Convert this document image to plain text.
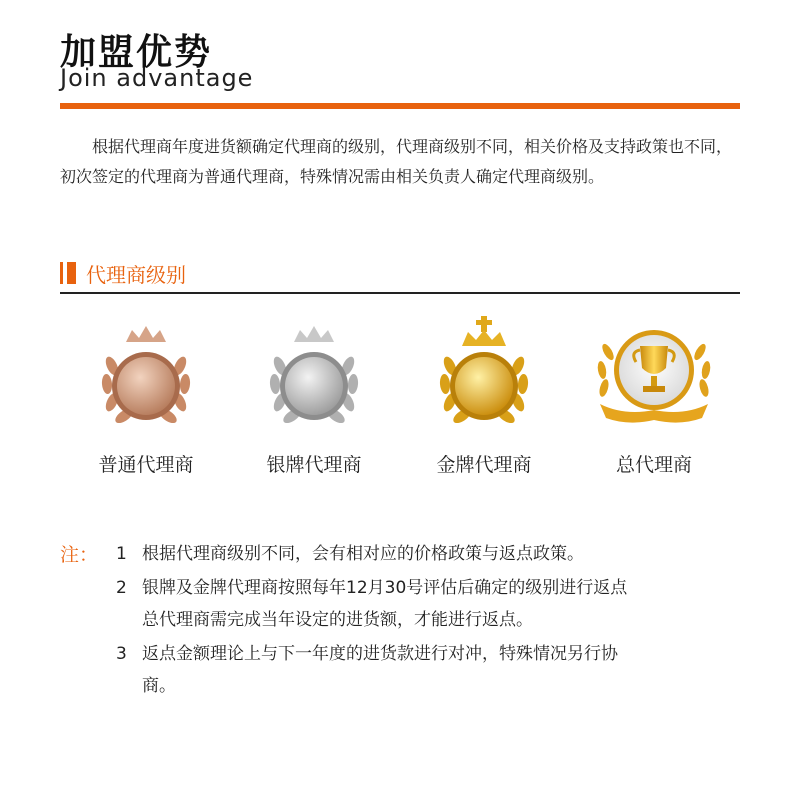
加盟优势
Join advantage

根据代理商年度进货额确定代理商的级别，代理商级别不同，相关价格及支持政策也不同，初次签定的代理商为普通代理商，特殊情况需由相关负责人确定代理商级别。

代理商级别
普通代理商	银牌代理商	金牌代理商	总代理商
注： 1 根据代理商级别不同，会有相对应的价格政策与返点政策。
2 银牌及金牌代理商按照每年12月30号评估后确定的级别进行返点
总代理商需完成当年设定的进货额，才能进行返点。
3 返点金额理论上与下一年度的进货款进行对冲，特殊情况另行协
商。
